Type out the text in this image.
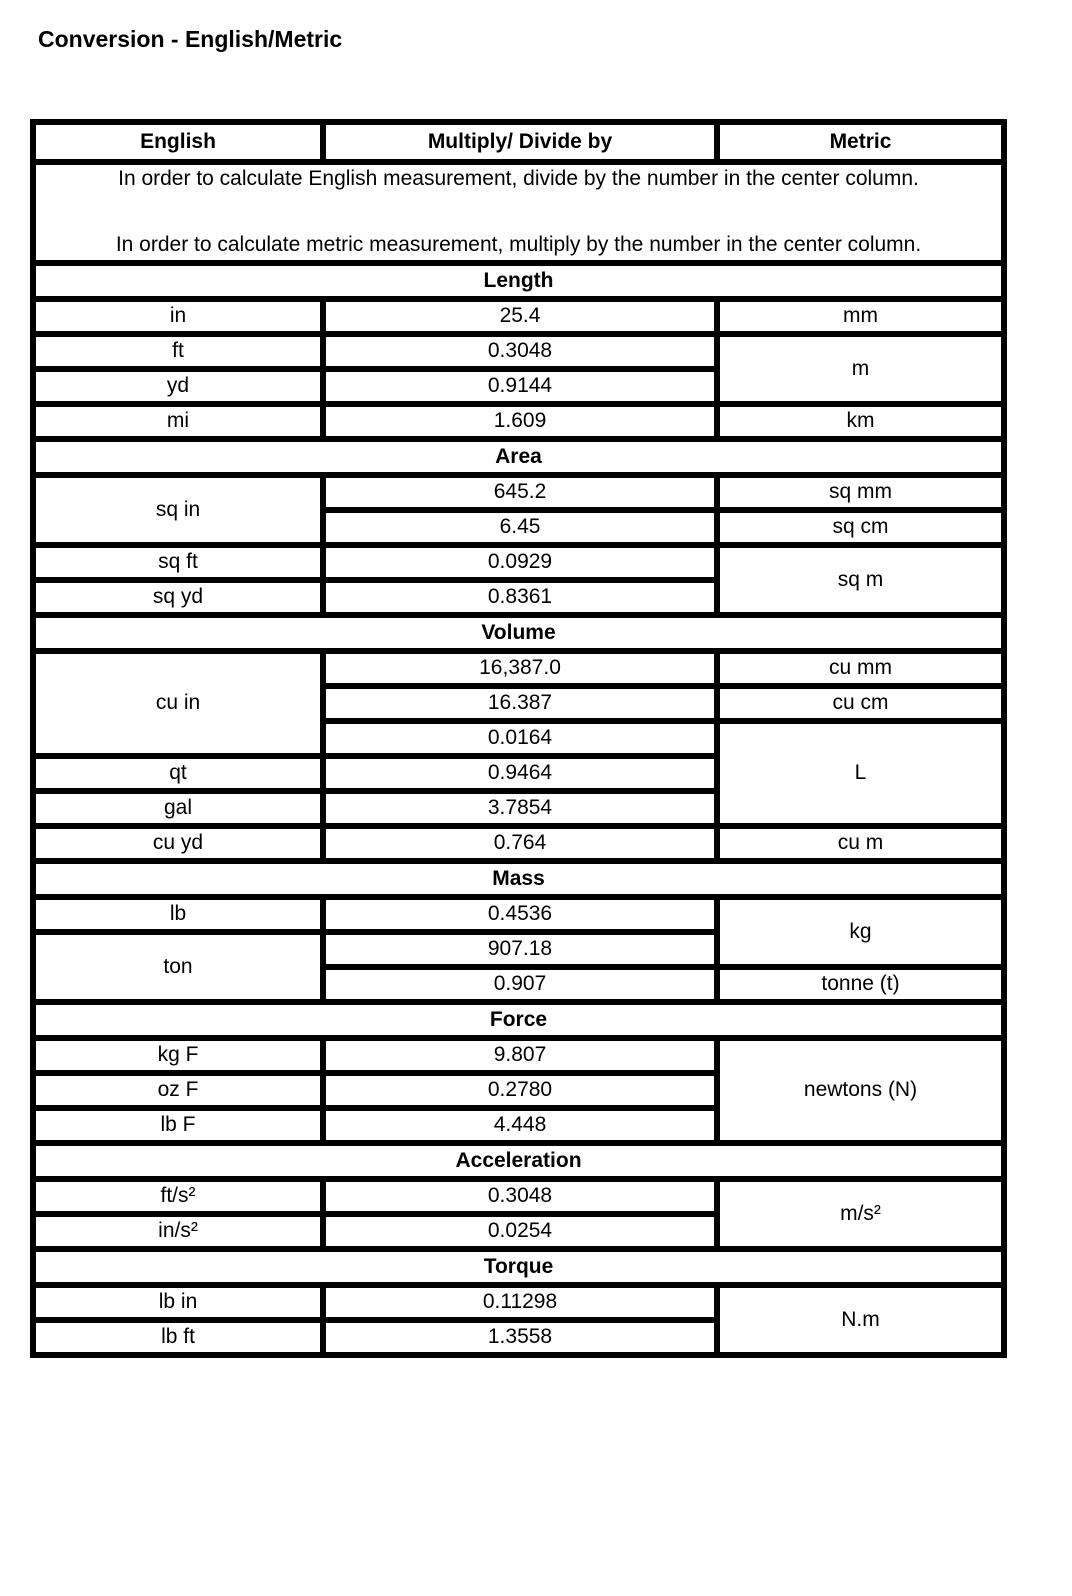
Conversion - English/Metric
English	Multiply/ Divide by	Metric

In order to calculate English measurement, divide by the number in the center column.

In order to calculate metric measurement, multiply by the number in the center column.		

Length		
in	25.4	mm
ft	0.3048	m
yd	0.9144	
mi	1.609	km
Area		
sq in	645.2	sq mm
	6.45	sq cm
sq ft	0.0929	sq m
sq yd	0.8361	
Volume		
cu in	16,387.0	cu mm
	16.387	cu cm
	0.0164	L
qt	0.9464	
gal	3.7854	
cu yd	0.764	cu m
Mass		
lb	0.4536	kg
ton	907.18	
	0.907	tonne (t)
Force		
kg F	9.807	newtons (N)
oz F	0.2780	
lb F	4.448	
Acceleration		
ft/s²	0.3048	m/s²
in/s²	0.0254	
Torque		
lb in	0.11298	N.m
lb ft	1.3558	
